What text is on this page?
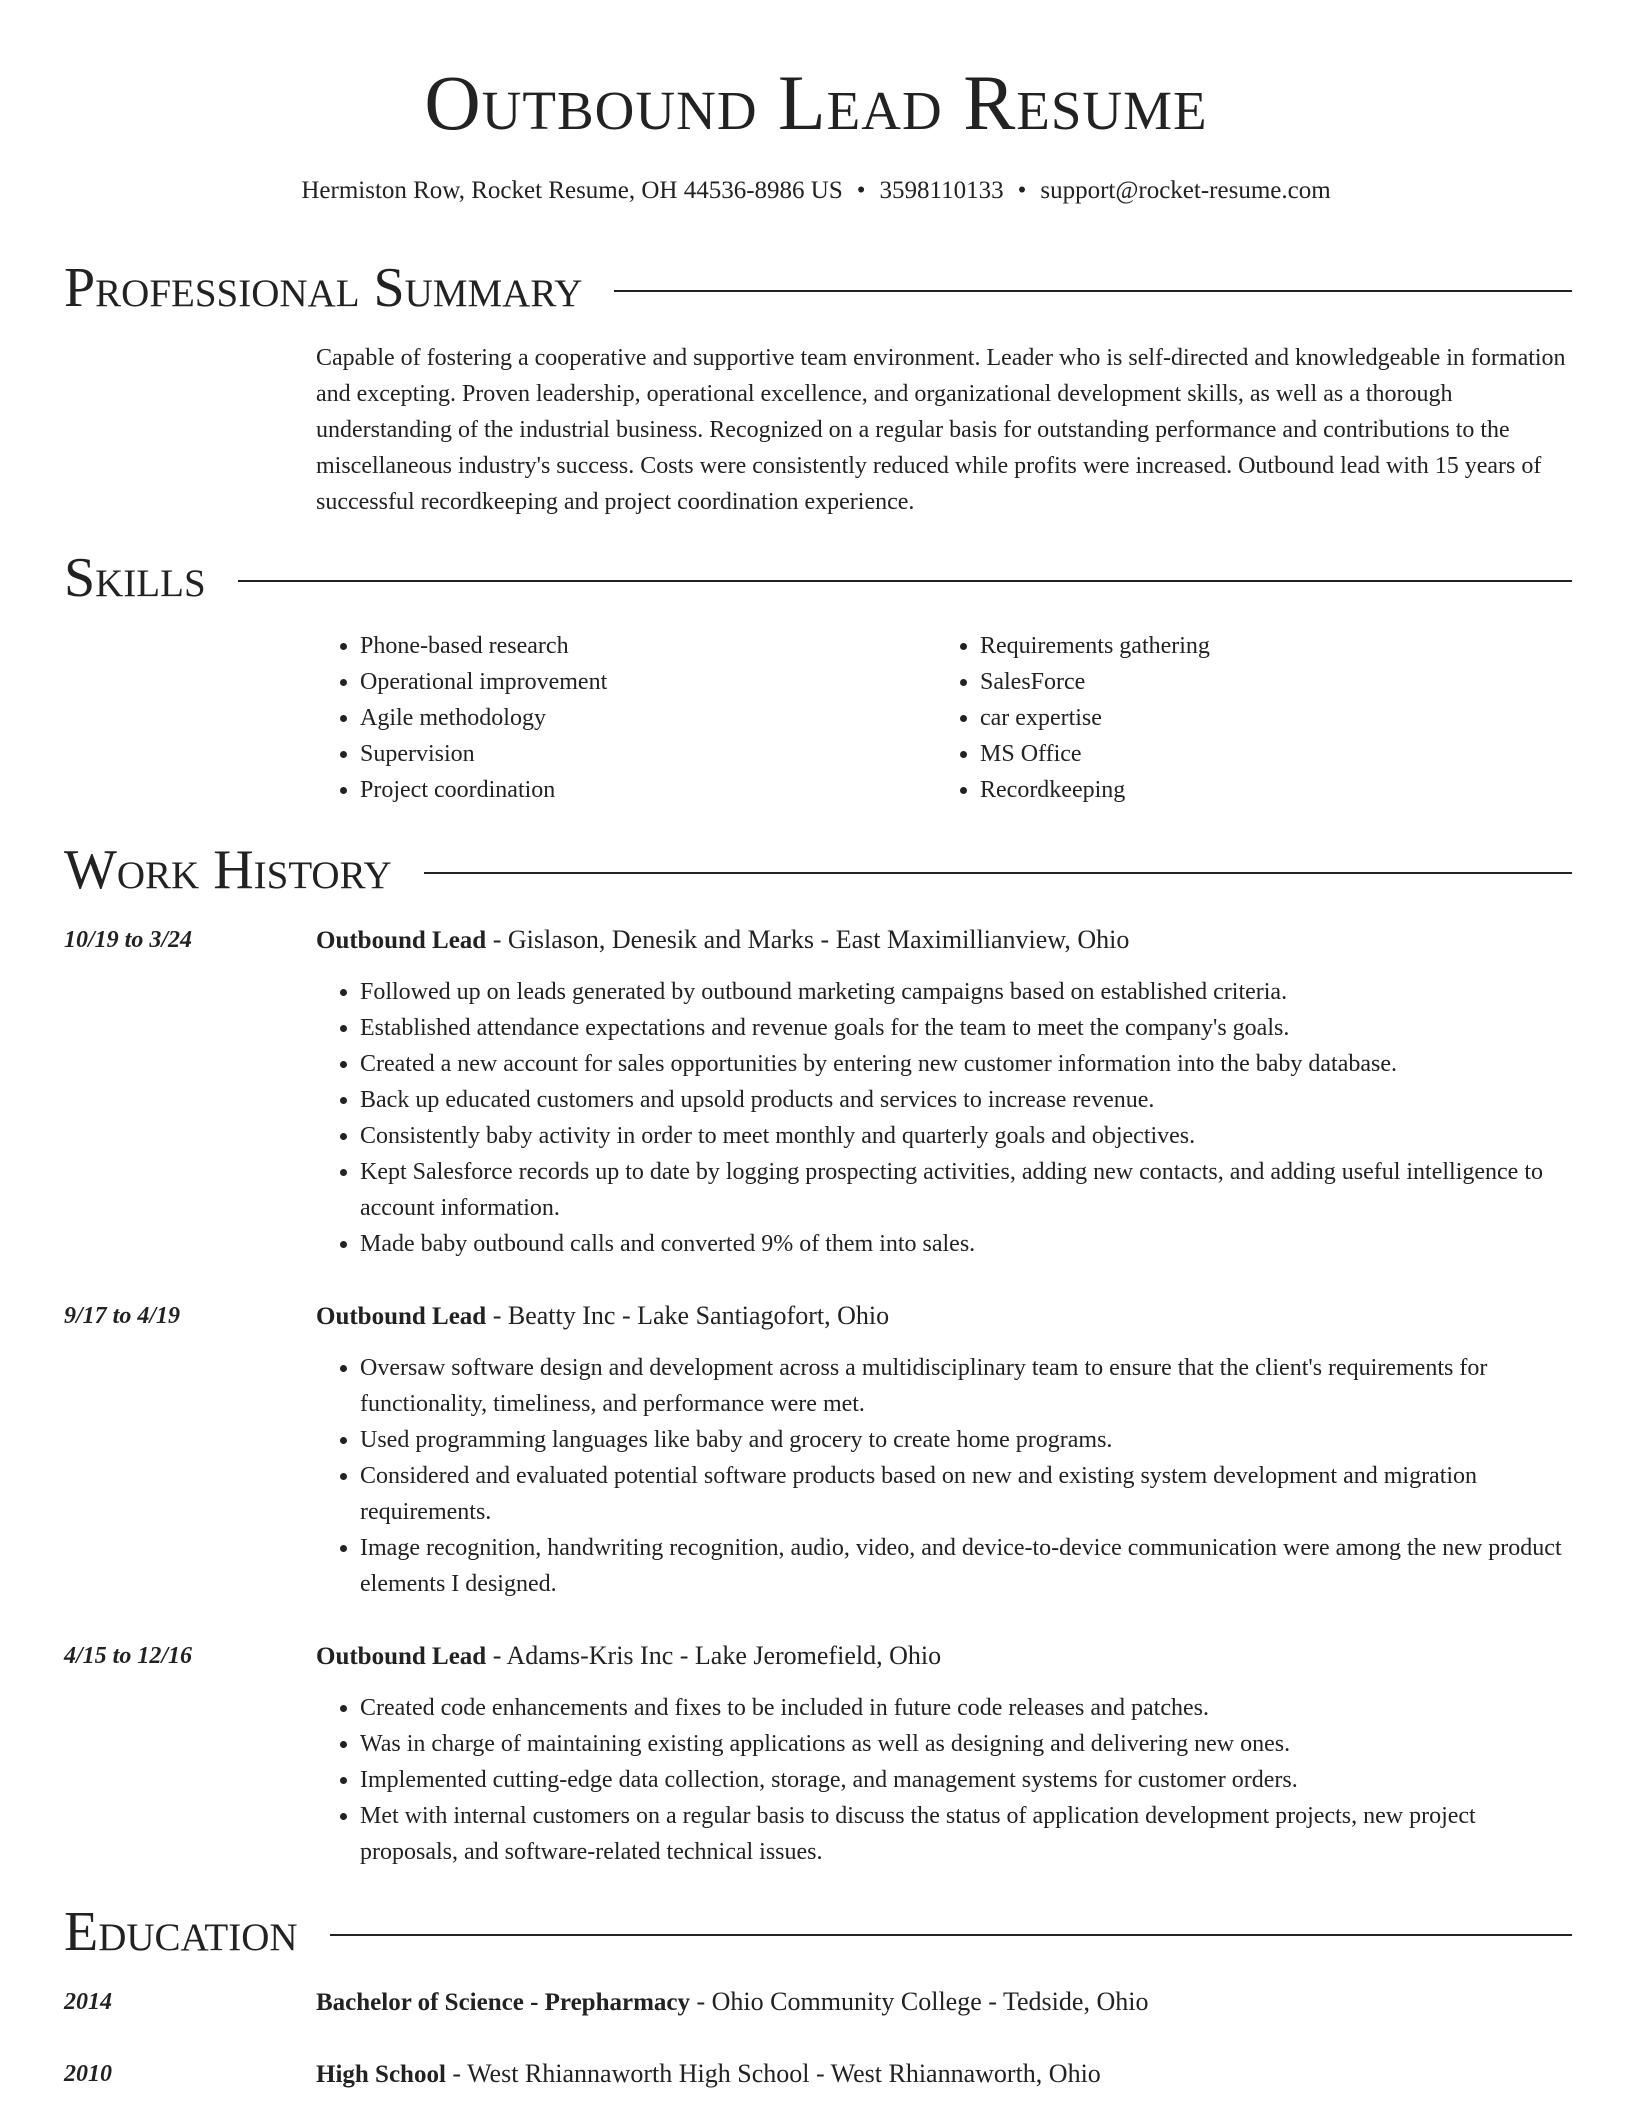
Outbound Lead Resume
Hermiston Row, Rocket Resume, OH 44536-8986 US • 3598110133 • support@rocket-resume.com
Professional Summary

Capable of fostering a cooperative and supportive team environment. Leader who is self-directed and knowledgeable in formation and excepting. Proven leadership, operational excellence, and organizational development skills, as well as a thorough understanding of the industrial business. Recognized on a regular basis for outstanding performance and contributions to the miscellaneous industry's success. Costs were consistently reduced while profits were increased. Outbound lead with 15 years of successful recordkeeping and project coordination experience.

Skills
• Phone-based research
• Operational improvement
• Agile methodology
• Supervision
• Project coordination
• Requirements gathering
• SalesForce
• car expertise
• MS Office
• Recordkeeping
Work History
10/19 to 3/24	Outbound Lead - Gislason, Denesik and Marks - East Maximillianview, Ohio
• Followed up on leads generated by outbound marketing campaigns based on established criteria.
• Established attendance expectations and revenue goals for the team to meet the company's goals.
• Created a new account for sales opportunities by entering new customer information into the baby database.
• Back up educated customers and upsold products and services to increase revenue.
• Consistently baby activity in order to meet monthly and quarterly goals and objectives.
• Kept Salesforce records up to date by logging prospecting activities, adding new contacts, and adding useful intelligence to account information.
• Made baby outbound calls and converted 9% of them into sales.
9/17 to 4/19	Outbound Lead - Beatty Inc - Lake Santiagofort, Ohio
• Oversaw software design and development across a multidisciplinary team to ensure that the client's requirements for functionality, timeliness, and performance were met.
• Used programming languages like baby and grocery to create home programs.
• Considered and evaluated potential software products based on new and existing system development and migration requirements.
• Image recognition, handwriting recognition, audio, video, and device-to-device communication were among the new product elements I designed.
4/15 to 12/16	Outbound Lead - Adams-Kris Inc - Lake Jeromefield, Ohio
• Created code enhancements and fixes to be included in future code releases and patches.
• Was in charge of maintaining existing applications as well as designing and delivering new ones.
• Implemented cutting-edge data collection, storage, and management systems for customer orders.
• Met with internal customers on a regular basis to discuss the status of application development projects, new project proposals, and software-related technical issues.
Education
2014	Bachelor of Science - Prepharmacy - Ohio Community College - Tedside, Ohio
2010	High School - West Rhiannaworth High School - West Rhiannaworth, Ohio
